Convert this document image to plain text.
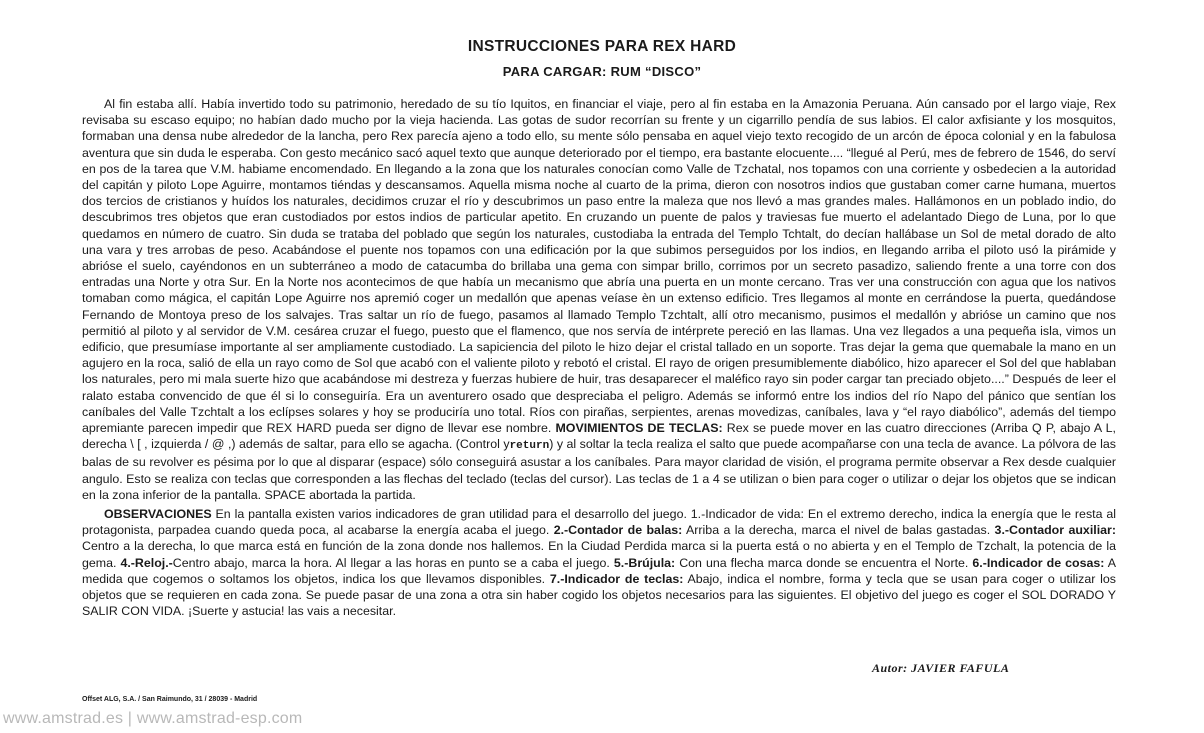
INSTRUCCIONES PARA REX HARD
PARA CARGAR: RUM “DISCO”

Al fin estaba allí. Había invertido todo su patrimonio, heredado de su tío Iquitos, en financiar el viaje, pero al fin estaba en la Amazonia Peruana. Aún cansado por el largo viaje, Rex revisaba su escaso equipo; no habían dado mucho por la vieja hacienda. Las gotas de sudor recorrían su frente y un cigarrillo pendía de sus labios. El calor axfisiante y los mosquitos, formaban una densa nube alrededor de la lancha, pero Rex parecía ajeno a todo ello, su mente sólo pensaba en aquel viejo texto recogido de un arcón de época colonial y en la fabulosa aventura que sin duda le esperaba. Con gesto mecánico sacó aquel texto que aunque deteriorado por el tiempo, era bastante elocuente.... “llegué al Perú, mes de febrero de 1546, do serví en pos de la tarea que V.M. habiame encomendado. En llegando a la zona que los naturales conocían como Valle de Tzchatal, nos topamos con una corriente y osbedecien a la autoridad del capitán y piloto Lope Aguirre, montamos tiéndas y descansamos. Aquella misma noche al cuarto de la prima, dieron con nosotros indios que gustaban comer carne humana, muertos dos tercios de cristianos y huídos los naturales, decidimos cruzar el río y descubrimos un paso entre la maleza que nos llevó a mas grandes males. Hallámonos en un poblado indio, do descubrimos tres objetos que eran custodiados por estos indios de particular apetito. En cruzando un puente de palos y traviesas fue muerto el adelantado Diego de Luna, por lo que quedamos en número de cuatro. Sin duda se trataba del poblado que según los naturales, custodiaba la entrada del Templo Tchtalt, do decían hallábase un Sol de metal dorado de alto una vara y tres arrobas de peso. Acabándose el puente nos topamos con una edificación por la que subimos perseguidos por los indios, en llegando arriba el piloto usó la pirámide y abrióse el suelo, cayéndonos en un subterráneo a modo de catacumba do brillaba una gema con simpar brillo, corrimos por un secreto pasadizo, saliendo frente a una torre con dos entradas una Norte y otra Sur. En la Norte nos acontecimos de que había un mecanismo que abría una puerta en un monte cercano. Tras ver una construcción con agua que los nativos tomaban como mágica, el capitán Lope Aguirre nos apremió coger un medallón que apenas veíase èn un extenso edificio. Tres llegamos al monte en cerrándose la puerta, quedándose Fernando de Montoya preso de los salvajes. Tras saltar un río de fuego, pasamos al llamado Templo Tzchtalt, allí otro mecanismo, pusimos el medallón y abrióse un camino que nos permitió al piloto y al servidor de V.M. cesárea cruzar el fuego, puesto que el flamenco, que nos servía de intérprete pereció en las llamas. Una vez llegados a una pequeña isla, vimos un edificio, que presumíase importante al ser ampliamente custodiado. La sapiciencia del piloto le hizo dejar el cristal tallado en un soporte. Tras dejar la gema que quemabale la mano en un agujero en la roca, salió de ella un rayo como de Sol que acabó con el valiente piloto y rebotó el cristal. El rayo de origen presumiblemente diabólico, hizo aparecer el Sol del que hablaban los naturales, pero mi mala suerte hizo que acabándose mi destreza y fuerzas hubiere de huir, tras desaparecer el maléfico rayo sin poder cargar tan preciado objeto....” Después de leer el ralato estaba convencido de que él si lo conseguiría. Era un aventurero osado que despreciaba el peligro. Además se informó entre los indios del río Napo del pánico que sentían los caníbales del Valle Tzchtalt a los eclípses solares y hoy se produciría uno total. Ríos con pirañas, serpientes, arenas movedizas, caníbales, lava y “el rayo diabólico”, además del tiempo apremiante parecen impedir que REX HARD pueda ser digno de llevar ese nombre. MOVIMIENTOS DE TECLAS: Rex se puede mover en las cuatro direcciones (Arriba Q P, abajo A L, derecha \ [ , izquierda / @ ,) además de saltar, para ello se agacha. (Control yreturn) y al soltar la tecla realiza el salto que puede acompañarse con una tecla de avance. La pólvora de las balas de su revolver es pésima por lo que al disparar (espace) sólo conseguirá asustar a los caníbales. Para mayor claridad de visión, el programa permite observar a Rex desde cualquier angulo. Esto se realiza con teclas que corresponden a las flechas del teclado (teclas del cursor). Las teclas de 1 a 4 se utilizan o bien para coger o utilizar o dejar los objetos que se indican en la zona inferior de la pantalla. SPACE abortada la partida.

OBSERVACIONES En la pantalla existen varios indicadores de gran utilidad para el desarrollo del juego. 1.-Indicador de vida: En el extremo derecho, indica la energía que le resta al protagonista, parpadea cuando queda poca, al acabarse la energía acaba el juego. 2.-Contador de balas: Arriba a la derecha, marca el nivel de balas gastadas. 3.-Contador auxiliar: Centro a la derecha, lo que marca está en función de la zona donde nos hallemos. En la Ciudad Perdida marca si la puerta está o no abierta y en el Templo de Tzchalt, la potencia de la gema. 4.-Reloj.-Centro abajo, marca la hora. Al llegar a las horas en punto se a caba el juego. 5.-Brújula: Con una flecha marca donde se encuentra el Norte. 6.-Indicador de cosas: A medida que cogemos o soltamos los objetos, indica los que llevamos disponibles. 7.-Indicador de teclas: Abajo, indica el nombre, forma y tecla que se usan para coger o utilizar los objetos que se requieren en cada zona. Se puede pasar de una zona a otra sin haber cogido los objetos necesarios para las siguientes. El objetivo del juego es coger el SOL DORADO Y SALIR CON VIDA. ¡Suerte y astucia! las vais a necesitar.

Autor: JAVIER FAFULA
Offset ALG, S.A. / San Raimundo, 31 / 28039 - Madrid
www.amstrad.es | www.amstrad-esp.com
